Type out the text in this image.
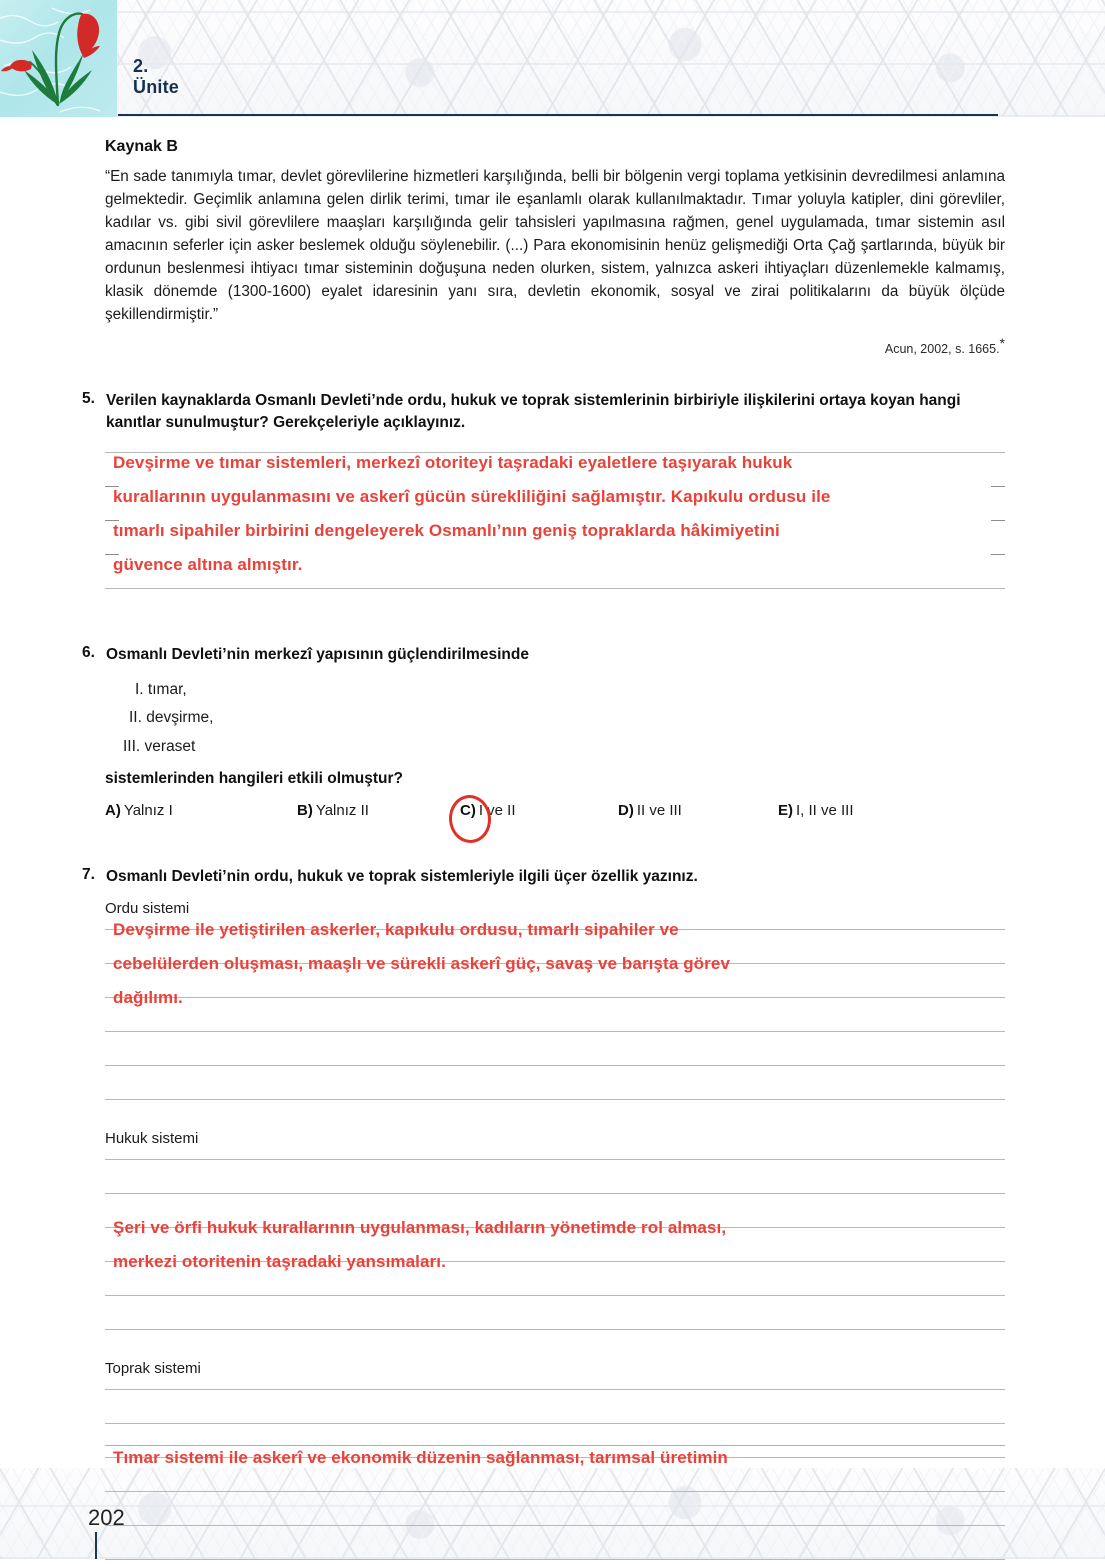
2.
Ünite
Kaynak B

“En sade tanımıyla tımar, devlet görevlilerine hizmetleri karşılığında, belli bir bölgenin vergi toplama yetkisinin devredilmesi anlamına gelmektedir. Geçimlik anlamına gelen dirlik terimi, tımar ile eşanlamlı olarak kullanılmaktadır. Tımar yoluyla katipler, dini görevliler, kadılar vs. gibi sivil görevlilere maaşları karşılığında gelir tahsisleri yapılmasına rağmen, genel uygulamada, tımar sistemin asıl amacının seferler için asker beslemek olduğu söylenebilir. (...) Para ekonomisinin henüz gelişmediği Orta Çağ şartlarında, büyük bir ordunun beslenmesi ihtiyacı tımar sisteminin doğuşuna neden olurken, sistem, yalnızca askeri ihtiyaçları düzenlemekle kalmamış, klasik dönemde (1300-1600) eyalet idaresinin yanı sıra, devletin ekonomik, sosyal ve zirai politikalarını da büyük ölçüde şekillendirmiştir.”

Acun, 2002, s. 1665.*

5. Verilen kaynaklarda Osmanlı Devleti’nde ordu, hukuk ve toprak sistemlerinin birbiriyle ilişkilerini ortaya koyan hangi kanıtlar sunulmuştur? Gerekçeleriyle açıklayınız.
Devşirme ve tımar sistemleri, merkezî otoriteyi taşradaki eyaletlere taşıyarak hukuk
kurallarının uygulanmasını ve askerî gücün sürekliliğini sağlamıştır. Kapıkulu ordusu ile
tımarlı sipahiler birbirini dengeleyerek Osmanlı’nın geniş topraklarda hâkimiyetini
güvence altına almıştır.
6. Osmanlı Devleti’nin merkezî yapısının güçlendirilmesinde
I. tımar,
II. devşirme,
III. veraset
sistemlerinden hangileri etkili olmuştur?
A) Yalnız I	B) Yalnız II	C) I ve II	D) II ve III	E) I, II ve III
7. Osmanlı Devleti’nin ordu, hukuk ve toprak sistemleriyle ilgili üçer özellik yazınız.
Ordu sistemi
Devşirme ile yetiştirilen askerler, kapıkulu ordusu, tımarlı sipahiler ve
cebelülerden oluşması, maaşlı ve sürekli askerî güç, savaş ve barışta görev
dağılımı.
Hukuk sistemi
Şeri ve örfi hukuk kurallarının uygulanması, kadıların yönetimde rol alması,
merkezi otoritenin taşradaki yansımaları.
Toprak sistemi
Tımar sistemi ile askerî ve ekonomik düzenin sağlanması, tarımsal üretimin
202
